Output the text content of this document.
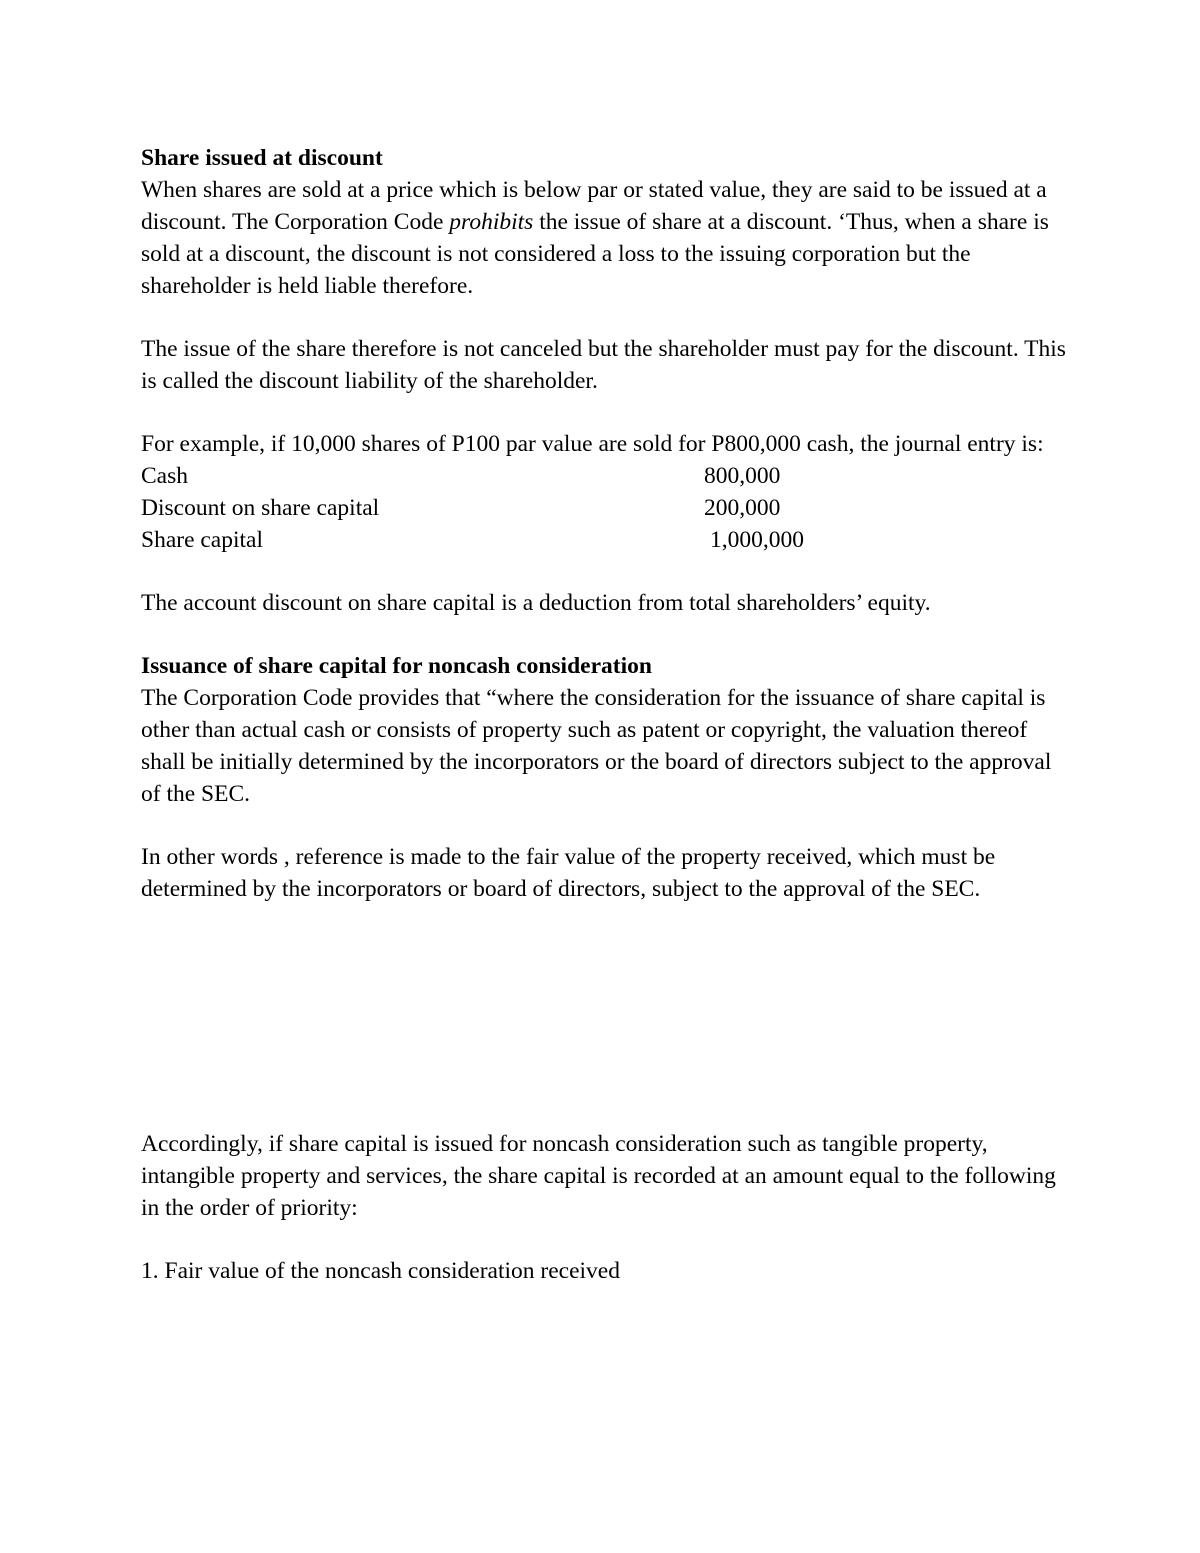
Share issued at discount

When shares are sold at a price which is below par or stated value, they are said to be issued at a discount. The Corporation Code prohibits the issue of share at a discount. ‘Thus, when a share is sold at a discount, the discount is not considered a loss to the issuing corporation but the shareholder is held liable therefore.

The issue of the share therefore is not canceled but the shareholder must pay for the discount. This is called the discount liability of the shareholder.

For example, if 10,000 shares of P100 par value are sold for P800,000 cash, the journal entry is:

Cash	800,000
Discount on share capital	200,000
Share capital	1,000,000

The account discount on share capital is a deduction from total shareholders’ equity.

Issuance of share capital for noncash consideration

The Corporation Code provides that “where the consideration for the issuance of share capital is other than actual cash or consists of property such as patent or copyright, the valuation thereof shall be initially determined by the incorporators or the board of directors subject to the approval of the SEC.

In other words , reference is made to the fair value of the property received, which must be determined by the incorporators or board of directors, subject to the approval of the SEC.

Accordingly, if share capital is issued for noncash consideration such as tangible property, intangible property and services, the share capital is recorded at an amount equal to the following in the order of priority:

1. Fair value of the noncash consideration received
